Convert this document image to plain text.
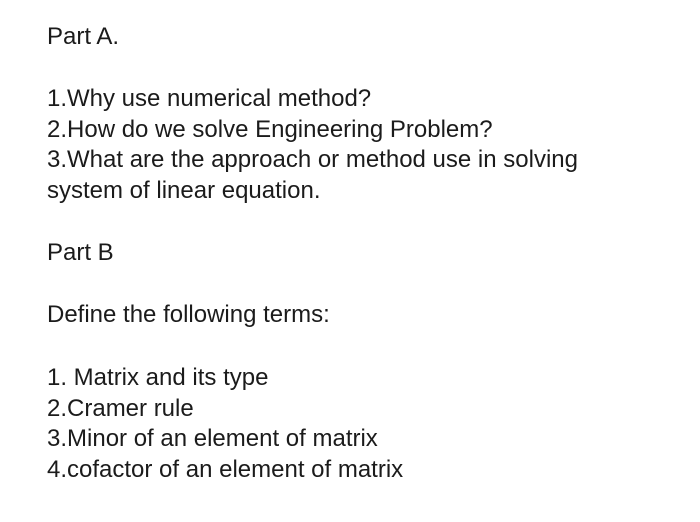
Part A.
1.Why use numerical method?
2.How do we solve Engineering Problem?
3.What are the approach or method use in solving
system of linear equation.
Part B
Define the following terms:
1. Matrix and its type
2.Cramer rule
3.Minor of an element of matrix
4.cofactor of an element of matrix
